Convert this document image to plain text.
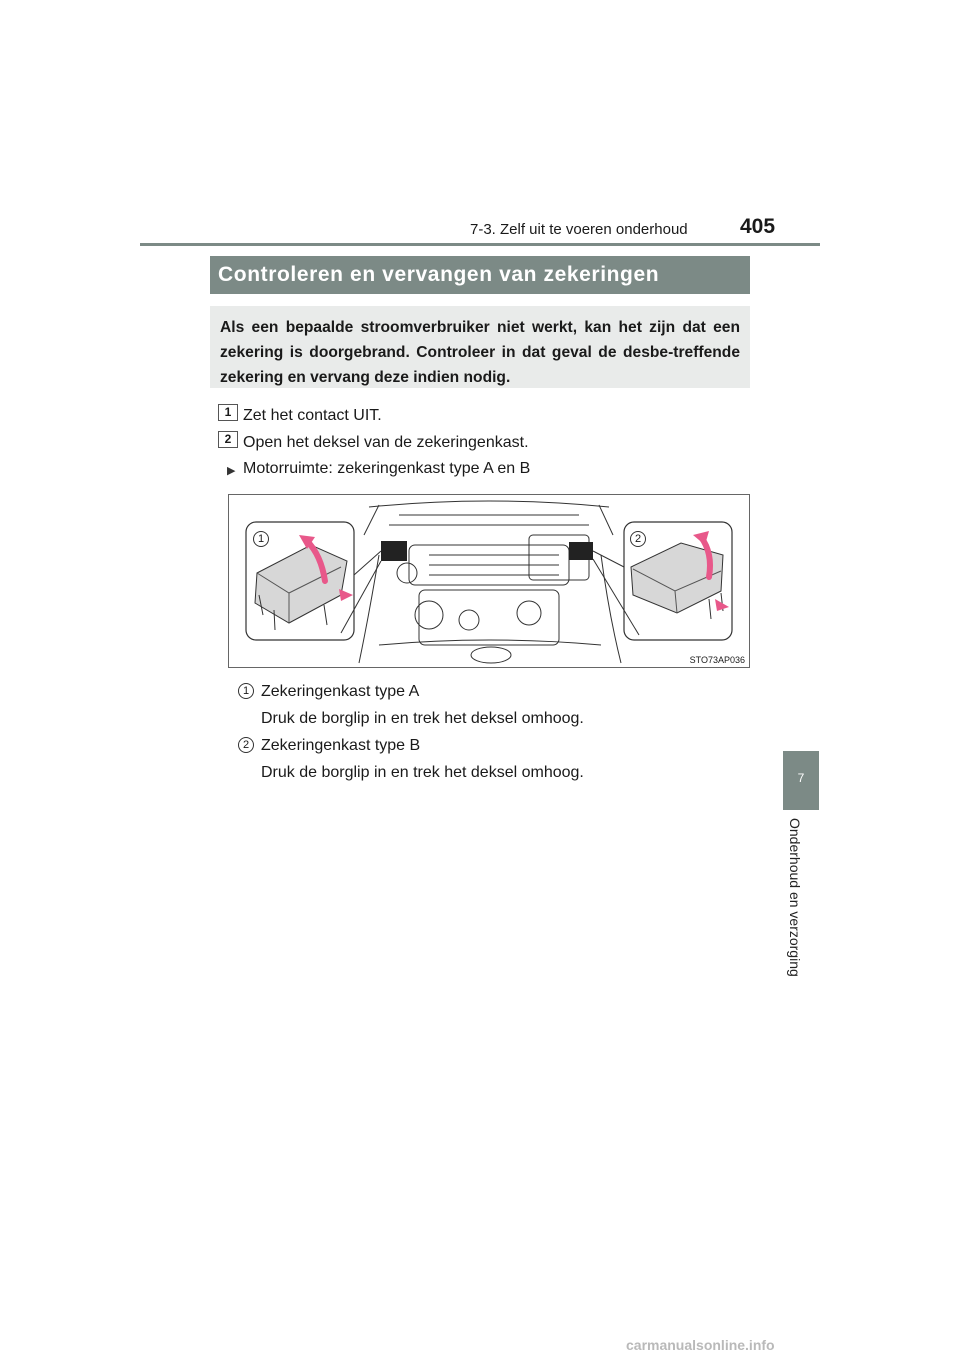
7-3. Zelf uit te voeren onderhoud 405
Controleren en vervangen van zekeringen

Als een bepaalde stroomverbruiker niet werkt, kan het zijn dat een zekering is doorgebrand. Controleer in dat geval de desbe-treffende zekering en vervang deze indien nodig.

1 Zet het contact UIT.
2 Open het deksel van de zekeringenkast.
▶ Motorruimte: zekeringenkast type A en B
1	2
STO73AP036
1 Zekeringenkast type A
Druk de borglip in en trek het deksel omhoog.
2 Zekeringenkast type B
Druk de borglip in en trek het deksel omhoog.	7
Onderhoud en verzorging
carmanualsonline.info
